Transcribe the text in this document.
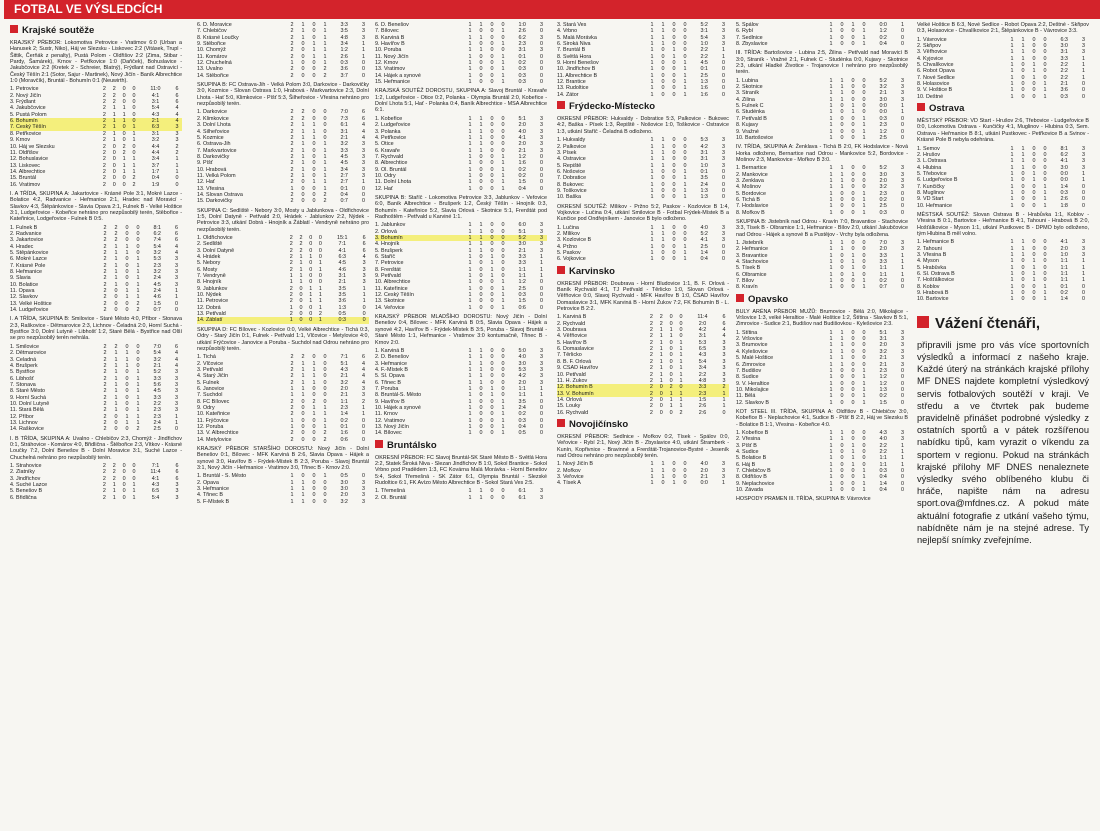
FOTBAL VE VÝSLEDCÍCH
Krajské soutěže
KRAJSKÝ PŘEBOR: Lokomotiva Petrovice - Vratimov 6:0 (Urban a Hanusek 2; Sustr, Niko), Háj ve Slezsku - Liskovec 2:2 (Vitásek, Trupl - Šittik, Čerňák z penalty), Pustá Polom - Oldřišov 2:2 (Zima, Stibar - Pardy, Šamárek), Krnov - Petřkovice 1:0 (Daňček), Bohuslavice - Jakubčovice 2:2 (Kretek 2 - Schreier, Blatný), Frýdlant nad Ostravicí - Český Těšín 2:1 (Sotor, Sajur - Martinek), Nový Jičín - Baník Albrechtice 1:0 (Moravčík), Bruntál - Bohumín 0:1 (Neuwirth).
1. Petrovice	2	2	0	0	11:0	6
2. Nový Jičín	2	2	0	0	4:1	6
3. Frýdlant	2	2	0	0	3:1	6
4. Jakubčovice	2	1	1	0	5:4	4
5. Pustá Polom	2	1	1	0	4:3	4
6. Bohumín	2	1	1	0	2:1	4
7. Český Těšín	2	1	0	1	6:3	3
8. Petřkovice	2	1	0	1	3:1	3
9. Krnov	2	1	0	1	3:2	3
10. Háj ve Slezsku	2	0	2	0	4:4	2
11. Oldřišov	2	0	2	0	4:4	2
12. Bohuslavice	2	0	1	1	3:4	1
13. Liskovec	2	0	1	1	3:7	1
14. Albrechtice	2	0	1	1	1:7	1
15. Bruntál	2	0	0	2	0:4	0
16. Vratimov	2	0	0	2	1:9	0
I. A TŘÍDA, SKUPINA A: Jakartovice - Krásné Pole 3:1, Mokré Lazce - Bolatice 4:2, Radvanice - Heřmanice 2:1, Hradec nad Moravicí - Slavkov 4:3, Štěpánkovice - Slavia Opava 2:1, Fulnek B - Velké Hoštice 3:1, Ludgeřovice - Kobeřice nehráno pro nezpůsobilý terén, Stěbořice - Kateřinice, Lodgeřovice - Fulnek B 0:5.
1. Fulnek B	2	2	0	0	8:1	6
2. Radvanice	2	2	0	0	6:2	6
3. Jakartovice	2	2	0	0	7:4	6
4. Hradec	2	1	1	0	5:4	4
5. Štěpánkovice	2	1	1	0	3:2	4
6. Mokré Lazce	2	1	0	1	5:3	3
7. Krásné Pole	2	1	0	1	2:3	3
8. Heřmanice	2	1	0	1	3:2	3
9. Slavia	2	1	0	1	2:4	3
10. Bolatice	2	1	0	1	4:5	3
11. Opava	2	0	1	1	2:4	1
12. Slavkov	2	0	1	1	4:6	1
13. Velké Hoštice	2	0	0	2	1:5	0
14. Ludgeřovice	2	0	0	2	0:7	0
I. A TŘÍDA, SKUPINA B: Smilovice - Staré Město 4:0, Příbor - Stonava 2:3, Raškovice - Dětmarovice 2:3, Lichnov - Čeladná 2:0, Horní Suchá - Bystřice 3:0, Dolní Lutyně - Libhošť 1:2, Staré Bělá - Bystřice nad Olší se pro nezpůsobilý terén nehrála.
1. Smilovice	2	2	0	0	7:0	6
2. Dětmarovice	2	1	1	0	5:4	4
3. Čeladná	2	1	1	0	3:2	4
4. Brušperk	2	1	1	0	2:1	4
5. Bystřice	2	1	0	1	5:2	3
6. Libhošť	2	1	0	1	3:3	3
7. Stonava	2	1	0	1	5:6	3
8. Staré Město	2	1	0	1	4:5	3
9. Horní Suchá	2	1	0	1	3:3	3
10. Dolní Lutyně	2	1	0	1	2:2	3
11. Stará Bělá	2	1	0	1	2:3	3
12. Příbor	2	0	1	1	2:3	1
13. Lichnov	2	0	1	1	2:4	1
14. Raškovice	2	0	0	2	2:5	0
I. B TŘÍDA, SKUPINA A: Uvalno - Chlebičov 2:3, Chomýž - Jindřichov 0:1, Stráhovice - Komárov 4:0, Břidlična - Štěbořice 2:3, Vítkov - Krásné Loučky 7:2, Dolní Benešov B - Dolní Moravice 3:1, Suché Lazce - Chuchelná nehráno pro nezpůsobilý terén.
1. Strahovice	2	2	0	0	7:1	6
2. Zlatníky	2	2	0	0	11:4	6
3. Jindřichov	2	2	0	0	4:1	6
4. Suché Lazce	2	1	0	1	4:3	3
5. Benešov B	2	1	0	1	6:5	3
6. Břidlična	2	1	0	1	5:4	3
6. D. Moravice	2	1	0	1	3:3	3
7. Chlebičov	2	1	0	1	3:5	3
8. Krásné Loučky	2	1	0	1	4:8	3
9. Štěbořice	2	0	1	1	3:4	1
10. Chomýž	2	0	1	1	1:2	1
11. Komárov	2	0	1	1	2:6	1
12. Chuchelná	1	0	0	1	0:3	0
13. Uvalno	2	0	0	2	3:6	0
14. Štěbořice	2	0	0	2	3:7	0
SKUPINA B: FC Ostrava-Jih - Velká Polom 3:0, Darkovice - Darkovičky 3:0, Kozmice - Slovan Ostrava 1:0, Hrabová - Markvartovice 2:3, Dolní Lhota - Hať 5:0, Klimkovice - Píšť 5:3, Šilheřovice - Vřesina nehráno pro nezpůsobilý terén.
1. Darkovice	2	2	0	0	7:0	6
2. Klimkovice	2	2	0	0	7:3	6
3. Dolní Lhota	2	1	1	0	6:1	4
4. Šilheřovice	2	1	1	0	3:1	4
5. Kozmice	2	1	1	0	2:1	4
6. Ostrava-Jih	2	1	0	1	3:2	3
7. Markvartovice	2	1	0	1	3:3	3
8. Darkovičky	2	1	0	1	4:5	3
9. Píšť	2	1	0	1	4:5	3
10. Hrabová	2	1	0	1	3:4	3
11. Velká Polom	2	1	0	1	2:7	3
12. Hať	2	0	1	1	2:7	1
13. Vřesina	1	0	0	1	0:1	0
14. Slovan Ostrava	2	0	0	2	0:4	0
15. Darkovičky	2	0	0	2	0:7	0
SKUPINA C: Sedliště - Nebory 3:0, Mosty u Jablunkova - Oldřichovice 1:5, Dolní Datyně - Petřvald 2:0, Hrádek - Jablunkov 2:2, Nýdek - Petrovice 3:3, utkání Dobrá - Hnojník a Žáblatí - Vendryně nehráno pro nezpůsobilý terén.
1. Oldřichovice	2	2	0	0	15:1	6
2. Sedliště	2	2	0	0	7:1	6
3. Dolní Datyně	2	2	0	0	4:1	6
4. Hrádek	2	1	1	0	6:3	4
5. Nebory	2	1	0	1	4:5	3
6. Mosty	2	1	0	1	4:6	3
7. Vendryně	1	1	0	0	3:1	3
8. Hnojník	1	1	0	0	2:1	3
9. Jablunkov	2	0	1	1	3:5	1
10. Nýdek	2	0	1	1	3:5	1
11. Petrovice	2	0	1	1	3:6	1
12. Dobrá	1	0	0	1	1:3	0
13. Petřvald	2	0	0	2	0:5	0
14. Žáblatí	1	0	0	1	0:3	0
SKUPINA D: FC Bílovec - Kozlovice 0:0, Velké Albrechtice - Tichá 0:3, Odry - Starý Jičín 0:1, Fulnek - Petřvald 1:1, Vlčovice - Metylovice 4:0, utkání Frýčovice - Janovice a Poruba - Suchdol nad Odrou nehráno pro nezpůsobilý terén.
1. Tichá	2	2	0	0	7:1	6
2. Vlčovice	2	1	1	0	5:1	4
3. Petřvald	2	1	1	0	4:3	4
4. Starý Jičín	2	1	1	0	2:1	4
5. Fulnek	2	1	1	0	3:2	4
6. Janovice	1	1	0	0	2:0	3
7. Suchdol	1	1	0	0	2:1	3
8. FC Bílovec	2	0	2	0	1:1	2
9. Odry	2	0	1	1	2:3	1
10. Kateřinice	2	0	1	1	1:4	1
11. Frýčovice	1	0	0	1	0:2	0
12. Poruba	1	0	0	1	0:1	0
13. V. Albrechtice	2	0	0	2	1:6	0
14. Metylovice	2	0	0	2	0:6	0
KRAJSKÝ PŘEBOR STARŠÍHO DOROSTU: Nový Jičín - Dolní Benešov 0:1, Bílovec - MFK Karviná B 2:6, Slavia Opava - Hájek a synové 3:0, Havířov B - Frýdek-Místek B 2:3, Poruba - Slavoj Bruntál 3:1, Nový Jičín - Heřmanice - Vratimov 3:0, Třinec B - Krnov 2:0.
1. Bruntál - S. Město	1	0	0	1	0:5	0
2. Opava	1	1	0	0	3:0	3
3. Heřmanice	1	1	0	0	3:0	3
4. Třinec B	1	1	0	0	2:0	3
5. F-Místek B	1	1	0	0	3:2	3
6. D. Benešov	1	1	0	0	1:0	3
7. Bílovec	1	0	0	1	2:6	0
8. Karviná B	1	1	0	0	6:2	3
9. Havířov B	1	0	0	1	2:3	0
10. Poruba	1	1	0	0	3:1	3
11. Nový Jičín	1	0	0	1	0:1	0
12. Krnov	1	0	0	1	0:2	0
13. Vratimov	1	0	0	1	0:3	0
14. Hájek a synové	1	0	0	1	0:3	0
15. Heřmanice	1	0	0	1	0:3	0
KRAJSKÁ SOUTĚŽ DOROSTU, SKUPINA A: Slavoj Bruntál - Kravaře 1:2, Ludgeřovice - Otice 0:2, Polanka - Olympia Bruntál 2:0, Kobeřice - Dolní Lhota 5:1, Hať - Polanka 0:4, Baník Albrechtice - MSA Albrechtice 6:1.
1. Kobeřice	1	1	0	0	5:1	3
2. Ludgeřovice	1	1	0	0	2:0	3
3. Polanka	1	1	0	0	4:0	3
4. Petřkovice	1	1	0	0	4:1	3
5. Otice	1	1	0	0	2:0	3
6. Kravaře	1	1	0	0	2:1	3
7. Rychvald	1	0	0	1	1:2	0
8. Albrechtice	1	0	0	1	1:6	0
9. Ol. Bruntál	1	0	0	1	0:2	0
10. Odry	1	0	0	1	0:2	0
11. Dolní Lhota	1	0	0	1	1:5	0
12. Hať	1	0	0	1	0:4	0
SKUPINA B: Staříč - Lokomotiva Petrovice 3:3, Jablunkov - Veřovice 6:0, Baník Albrechtice - Brušperk 1:2, Český Těšín - Hnojník 0:3, Bohumín - Kateřinice 5:2, Slavia Orlová - Skotnice 5:1, Frenštát pod Radhoštěm - Petřvald u Karviné 1:1.
1. Jablunkov	1	1	0	0	6:0	3
2. Orlová	1	1	0	0	5:1	3
3. Bohumín	1	1	0	0	5:2	3
4. Hnojník	1	1	0	0	3:0	3
5. Brušperk	1	1	0	0	2:1	3
6. Staříč	1	0	1	0	3:3	1
7. Petrovice	1	0	1	0	3:3	1
8. Frenštát	1	0	1	0	1:1	1
9. Petřvald	1	0	1	0	1:1	1
10. Albrechtice	1	0	0	1	1:2	0
11. Kateřinice	1	0	0	1	2:5	0
12. Český Těšín	1	0	0	1	0:3	0
13. Skotnice	1	0	0	1	1:5	0
14. Veřovice	1	0	0	1	0:6	0
KRAJSKÝ PŘEBOR MLADŠÍHO DOROSTU: Nový Jičín - Dolní Benešov 0:4, Bílovec - MFK Karviná B 0:5, Slavia Opava - Hájek a synové 4:2, Havířov B - Frýdek-Místek B 3:5, Poruba - Slavoj Bruntál - Staré Město 1:1, Heřmanice - Vratimov 3:0 kontumačně, Třinec B - Krnov 2:0.
1. Karviná B	1	1	0	0	5:0	3
2. D. Benešov	1	1	0	0	4:0	3
3. Heřmanice	1	1	0	0	3:0	3
4. F.-Místek B	1	1	0	0	5:3	3
5. Sl. Opava	1	1	0	0	4:2	3
6. Třinec B	1	1	0	0	2:0	3
7. Poruba	1	0	1	0	1:1	1
8. Bruntál-S. Město	1	0	1	0	1:1	1
9. Havířov B	1	0	0	1	3:5	0
10. Hájek a synové	1	0	0	1	2:4	0
11. Krnov	1	0	0	1	0:2	0
12. Vratimov	1	0	0	1	0:3	0
13. Nový Jičín	1	0	0	1	0:4	0
14. Bílovec	1	0	0	1	0:5	0
Bruntálsko
OKRESNÍ PŘEBOR: FC Slavoj Bruntál-SK Staré Město B - Světlá Hora 2:2, Statek Široká Niva - Slezan Jindřichov B 1:0, Sokol Brantice - Sokol Vrbno pod Pradědem 1:3, FC Kovárna Malá Morávka - Horní Benešov 5:4, Sokol Třemešná - SK Zátor 6:1, Olympia Bruntál - Slezské Rudoltice 6:1, FK Avízo Město Albrechtice B - Sokol Stará Ves 2:5.
1. Třemešná	1	1	0	0	6:1	3
2. Ol. Bruntál	1	1	0	0	6:1	3
3. Stará Ves	1	1	0	0	5:2	3
4. Vrbno	1	1	0	0	3:1	3
5. Malá Morávka	1	1	0	0	5:4	3
6. Široká Niva	1	1	0	0	1:0	3
7. Bruntál B	1	0	1	0	2:2	1
8. Světlá Hora	1	0	1	0	2:2	1
9. Horní Benešov	1	0	0	1	4:5	0
10. Jindřichov B	1	0	0	1	0:1	0
11. Albrechtice B	1	0	0	1	2:5	0
12. Brantice	1	0	0	1	1:3	0
13. Rudoltice	1	0	0	1	1:6	0
14. Zátor	1	0	0	1	1:6	0
Frýdecko-Místecko
OKRESNÍ PŘEBOR: Hukvaldy - Dobratice 5:3, Palkovice - Bukovec 4:2, Baška - Písek 1:3, Řepiště - Nošovice 1:0, Toškovice - Ostravice 1:3, utkání Staříč - Čeladná B odloženo.
1. Hukvaldy	1	1	0	0	5:3	3
2. Palkovice	1	1	0	0	4:2	3
3. Písek	1	1	0	0	3:1	3
4. Ostravice	1	1	0	0	3:1	3
5. Řepiště	1	1	0	0	1:0	3
6. Nošovice	1	0	0	1	0:1	0
7. Dobratice	1	0	0	1	3:5	0
8. Bukovec	1	0	0	1	2:4	0
9. Toškovice	1	0	0	1	1:3	0
10. Baška	1	0	0	1	1:3	0
OKRESNÍ SOUTĚŽ: Mílikov - Pržno 5:2, Paskov - Kozlovice B 1:4, Vojkovice - Lučina 0:4, utkání Smilovice B - Fotbal Frýdek-Místek B a Kunčice pod Ondřejníkem - Janovice B bylo odloženo.
1. Lučina	1	1	0	0	4:0	3
2. Mílikov	1	1	0	0	5:2	3
3. Kozlovice B	1	1	0	0	4:1	3
4. Pržno	1	0	0	1	2:5	0
5. Paskov	1	0	0	1	1:4	0
6. Vojkovice	1	0	0	1	0:4	0
Karvinsko
OKRESNÍ PŘEBOR: Doubrava - Horní Bludovice 1:1, B. F. Orlová - Baník Rychvald 4:1, TJ Petřvald - Těrlicko 1:0, Slovan Orlová - Věřňovice 0:0, Slavoj Rychvald - MFK Havířov B 1:0, ČSAD Havířov Domaslavice 3:1, MFK Karviná B - Horní Žukov 7:2, FK Bohumín B - L. Petrovice B 2:2.
1. Karviná B	2	2	0	0	11:4	6
2. Rychvald	2	2	0	0	2:0	6
3. Doubrava	2	1	1	0	4:2	4
4. Věřňovice	2	1	1	0	3:1	4
5. Havířov B	2	1	0	1	5:3	3
6. Domaslavice	2	1	0	1	6:5	3
7. Těrlicko	2	1	0	1	4:3	3
8. B. F. Orlová	2	1	0	1	5:4	3
9. ČSAD Havířov	2	1	0	1	3:4	3
10. Petřvald	2	1	0	1	2:2	3
11. H. Žukov	2	1	0	1	4:8	3
12. Bohumín B	2	0	2	0	3:3	2
13. V. Bohumín	2	0	1	1	2:3	1
14. Orlová	2	0	1	1	1:5	1
15. Louky	2	0	1	1	2:6	1
16. Rychvald	2	0	0	2	2:6	0
Novojičínsko
OKRESNÍ PŘEBOR: Sedlnice - Mořkov 0:2, Tísek - Spálov 0:0, Veřovice - Rybí 2:1, Nový Jičín B - Zbyslavice 4:0, utkání Štramberk - Kunín, Kopřivnice - Bravinné a Frenštát-Trojanovice-Bystré - Jeseník nad Odrou nehráno pro nezpůsobilý terén.
1. Nový Jičín B	1	1	0	0	4:0	3
2. Mořkov	1	1	0	0	2:0	3
3. Veřovice	1	1	0	0	2:1	3
4. Tísek A	1	0	1	0	0:0	1
5. Spálov	1	0	1	0	0:0	1
6. Rybí	1	0	0	1	1:2	0
7. Sedlnice	1	0	0	1	0:2	0
8. Zbyslavice	1	0	0	1	0:4	0
III. TŘÍDA: Bartošovice - Lubina 2:5, Žilina - Petřvald nad Moravicí B 3:0, Straník - Vražné 2:1, Fulnek C - Studénka 0:0, Kujavy - Skotnice 2:3, utkání Hladké Životice - Trojanovice I nehráno pro nezpůsobilý terén.
1. Lubina	1	1	0	0	5:2	3
2. Skotnice	1	1	0	0	3:2	3
3. Straník	1	1	0	0	2:1	3
4. Žilina	1	1	0	0	3:0	3
5. Fulnek C	1	0	1	0	0:0	1
6. Studénka	1	0	1	0	0:0	1
7. Petřvald B	1	0	0	1	0:3	0
8. Kujavy	1	0	0	1	2:3	0
9. Vražné	1	0	0	1	1:2	0
10. Bartošovice	1	0	0	1	2:5	0
IV. TŘÍDA, SKUPINA A: Ženklava - Tichá B 2:0, FK Hodslavice - Nová Horka odloženo, Bernartice nad Odrou - Mankovice 5:2, Bordovice - Mošnov 2:3, Mankovice - Mořkov B 3:0.
1. Bernartice	1	1	0	0	5:2	3
2. Mankovice	1	1	0	0	3:0	3
3. Ženklava	1	1	0	0	2:0	3
4. Mošnov	1	1	0	0	3:2	3
5. Bordovice	1	0	0	1	2:3	0
6. Tichá B	1	0	0	1	0:2	0
7. Hodslavice	1	0	0	1	2:5	0
8. Mořkov B	1	0	0	1	0:3	0
SKUPINA B: Jistebník nad Odrou - Kravín 7:0, Bravantice - Stachovice 3:3, Tísek B - Olbramice 1:1, Heřmanice - Bílov 2:0, utkání Jakubčovice nad Odrou - Hájek a synové B a Pustějov - Vrchy byla odložena.
1. Jistebník	1	1	0	0	7:0	3
2. Heřmanice	1	1	0	0	2:0	3
3. Bravantice	1	0	1	0	3:3	1
4. Stachovice	1	0	1	0	3:3	1
5. Tísek B	1	0	1	0	1:1	1
6. Olbramice	1	0	1	0	1:1	1
7. Bílov	1	0	0	1	0:2	0
8. Kravín	1	0	0	1	0:7	0
Opavsko
BULY ARÉNA PŘEBOR MUŽŮ: Brumovice - Bělá 2:0, Mikolajice - Vršovice 1:3, velké Heraltice - Malé Hoštice 1:2, Štítina - Slavkov B 5:1, Zimrovice - Sudice 2:1, Budišov nad Budišovkou - Kylešovice 2:3.
1. Štítina	1	1	0	0	5:1	3
2. Vršovice	1	1	0	0	3:1	3
3. Brumovice	1	1	0	0	2:0	3
4. Kylešovice	1	1	0	0	3:2	3
5. Malé Hoštice	1	1	0	0	2:1	3
6. Zimrovice	1	1	0	0	2:1	3
7. Budišov	1	0	0	1	2:3	0
8. Sudice	1	0	0	1	1:2	0
9. V. Heraltice	1	0	0	1	1:2	0
10. Mikolajice	1	0	0	1	1:3	0
11. Bělá	1	0	0	1	0:2	0
12. Slavkov B	1	0	0	1	1:5	0
KOT STEEL III. TŘÍDA, SKUPINA A: Oldřišov B - Chlebičov 3:0, Kobeřice B - Neplachovice 4:1, Sudice B - Píšť B 2:2, Háj ve Slezsku B - Bolatice B 1:1, Vřesina - Kobeřice 4:0.
1. Kobeřice B	1	1	0	0	4:3	3
2. Vřesina	1	1	0	0	4:0	3
3. Píšť B	1	0	1	0	2:2	1
4. Sudice	1	0	1	0	2:2	1
5. Bolatice B	1	0	1	0	1:1	1
6. Háj B	1	0	1	0	1:1	1
7. Chlebičov B	1	0	0	1	0:3	0
8. Oldřišov B	1	0	0	1	0:4	0
9. Neplachovice	1	0	0	1	1:4	0
10. Závada	1	0	0	1	0:4	0
HOSPODY PRAMEN III. TŘÍDA, SKUPINA B: Vávrovice
Velké Hoštice B 6:3, Nové Sedlice - Robot Opava 2:2, Deštné - Skřipov 0:3, Holasovice - Chvalíkovice 2:1, Štěpánkovice B - Vávrovice 3:3.
1. Vávrovice	1	1	0	0	6:3	3
2. Skřipov	1	1	0	0	3:0	3
3. Věřhovice	1	1	0	0	3:1	3
4. Kyjovice	1	1	0	0	3:3	1
5. Chvalíkovice	1	0	1	0	2:2	1
6. Robot Opava	1	0	1	0	2:2	1
7. Nové Sedlice	1	0	1	0	2:2	1
8. Holasovice	1	0	0	1	2:1	0
9. V. Hoštice B	1	0	0	1	3:6	0
10. Deštné	1	0	0	1	0:3	0
Ostrava
MĚSTSKÝ PŘEBOR: VD Start - Hrušov 2:6, Třebovice - Ludgeřovice B 0:0, Lokomotiva Ostrava - Kunčičky 4:1, Muglinov - Hlubina 0:3, Sem. Ostrava - Heřmanice B 8:1, utkání Pustkovec - Petřkovice B a Svinov - Krásné Pole B nebyla odehrána.
1. Semov	1	1	0	0	8:1	3
2. Hrušov	1	1	0	0	6:2	3
3. L.Ostrava	1	1	0	0	4:1	3
4. Hlubina	1	1	0	0	3:0	3
5. Třebovice	1	0	1	0	0:0	1
6. Ludgeřovice B	1	0	1	0	0:0	1
7. Kunčičky	1	0	0	1	1:4	0
8. Muglinov	1	0	0	1	0:3	0
9. VD Start	1	0	0	1	2:6	0
10. Heřmanice	1	0	0	1	1:8	0
MĚSTSKÁ SOUTĚŽ: Slovan Ostrava B - Hrabůvka 1:1, Koblov - Vřesina B 0:1, Bartovice - Heřmanice B 4:1, Tahouni - Hrabová B 2:0, Hošťálkovice - Myson 1:1, utkání Pustkovec B - DPMO bylo odloženo, tým Hlubina B měl volno.
1. Heřmanice B	1	1	0	0	4:1	3
2. Tahouni	1	1	0	0	2:0	3
3. Vřesina B	1	1	0	0	1:0	3
4. Myson	1	0	1	0	1:1	1
5. Hrabůvka	1	0	1	0	1:1	1
6. Sl. Ostrava B	1	0	1	0	1:1	1
7. Hošťálkovice	1	0	1	0	1:1	1
8. Koblov	1	0	0	1	0:1	0
9. Hrabová B	1	0	0	1	0:2	0
10. Bartovice	1	0	0	1	1:4	0
Vážení čtenáři,
připravili jsme pro vás více sportovních výsledků a informací z našeho kraje. Každé úterý na stránkách krajské přílohy MF DNES najdete kompletní výsledkový servis fotbalových soutěží v kraji. Ve středu a ve čtvrtek pak budeme pravidelně přinášet podrobné výsledky z ostatních sportů a v pátek rozšířenou nabídku tipů, kam vyrazit o víkendu za sportem v regionu. Pokud na stránkách krajské přílohy MF DNES nenaleznete výsledky svého oblíbeného klubu či hráče, napište nám na adresu sport.ova@mfdnes.cz. A pokud máte aktuální fotografie z utkání vašeho týmu, nabídněte nám je na stejné adrese. Ty nejlepší snímky zveřejníme.
